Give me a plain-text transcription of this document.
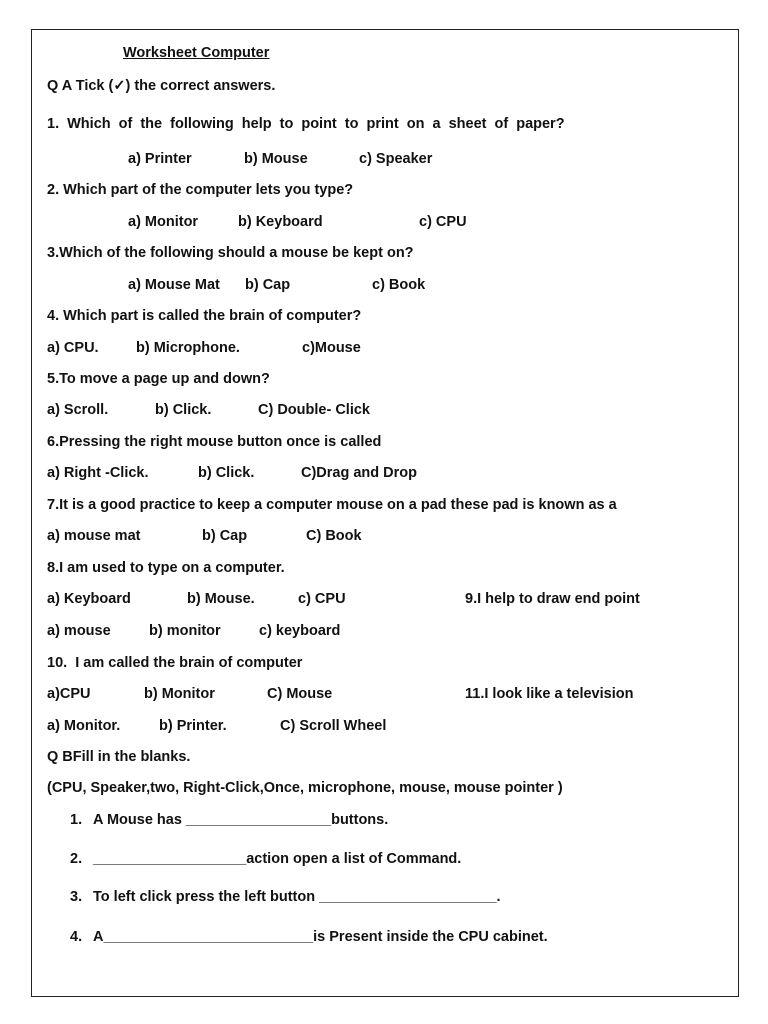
Worksheet Computer
Q A Tick (✓) the correct answers.
1. Which of the following help to point to print on a sheet of paper?
a) Printer	b) Mouse	c) Speaker
2. Which part of the computer lets you type?
a) Monitor	b) Keyboard	c) CPU
3.Which of the following should a mouse be kept on?
a) Mouse Mat b) Cap	c) Book
4. Which part is called the brain of computer?
a) CPU.	b) Microphone.	c)Mouse
5.To move a page up and down?
a) Scroll.	b) Click.	C) Double- Click
6.Pressing the right mouse button once is called
a) Right -Click.	b) Click.	C)Drag and Drop
7.It is a good practice to keep a computer mouse on a pad these pad is known as a
a) mouse mat	b) Cap	C) Book
8.I am used to type on a computer.
a) Keyboard	b) Mouse.	c) CPU	9.I help to draw end point
a) mouse	b) monitor	c) keyboard
10.  I am called the brain of computer
a)CPU	b) Monitor	C) Mouse	11.I look like a television
a) Monitor.	b) Printer.	C) Scroll Wheel
Q BFill in the blanks.
(CPU, Speaker,two, Right-Click,Once, microphone, mouse, mouse pointer )
1. A Mouse has __________________buttons.
2. ___________________action open a list of Command.
3. To left click press the left button ______________________.
4. A__________________________is Present inside the CPU cabinet.
